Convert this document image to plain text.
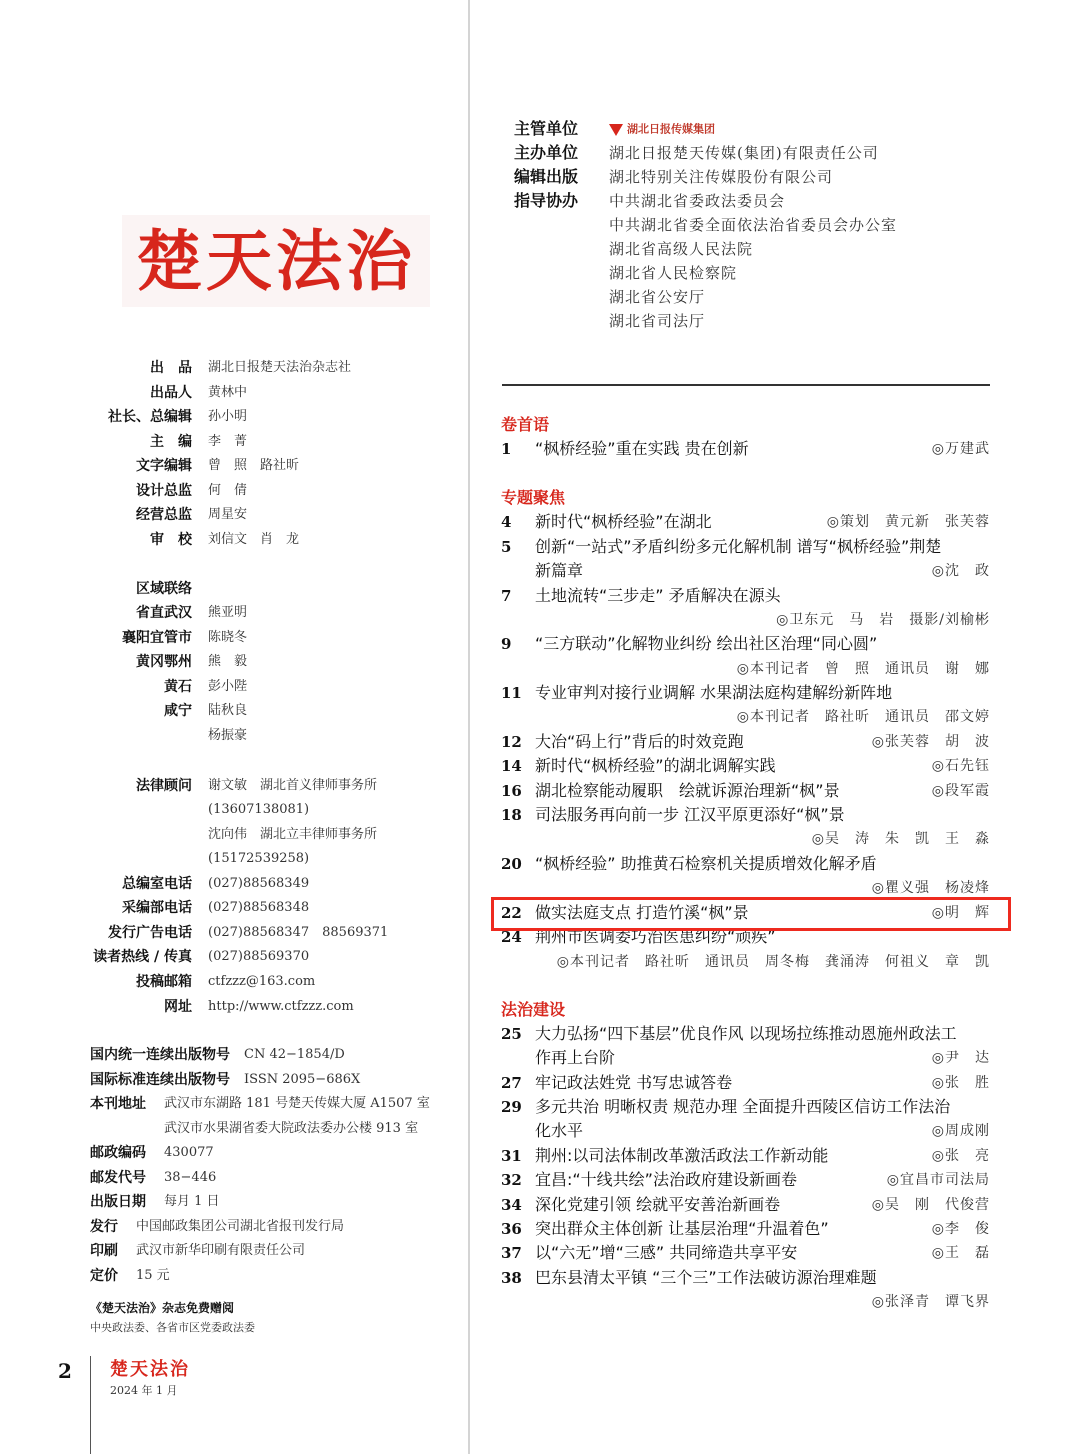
楚天法治
出　品 湖北日报楚天法治杂志社
出品人 黄林中
社长、总编辑 孙小明
主　编 李　菁
文字编辑 曾　照　路社昕
设计总监 何　倩
经营总监 周星安
审　校 刘信文　肖　龙
区域联络
省直武汉 熊亚明
襄阳宜管市 陈晓冬
黄冈鄂州 熊　毅
黄石 彭小陛
咸宁 陆秋良
杨振豪
法律顾问 谢文敏　湖北首义律师事务所
(13607138081)
沈向伟　湖北立丰律师事务所
(15172539258)
总编室电话 (027)88568349
采编部电话 (027)88568348
发行广告电话 (027)88568347　88569371
读者热线 / 传真 (027)88569370
投稿邮箱 ctfzzz@163.com
网址 http://www.ctfzzz.com
国内统一连续出版物号 CN 42−1854/D
国际标准连续出版物号 ISSN 2095−686X
本刊地址 武汉市东湖路 181 号楚天传媒大厦 A1507 室
武汉市水果湖省委大院政法委办公楼 913 室
邮政编码 430077
邮发代号 38−446
出版日期 每月 1 日
发行 中国邮政集团公司湖北省报刊发行局
印刷 武汉市新华印刷有限责任公司
定价 15 元
《楚天法治》杂志免费赠阅
中央政法委、各省市区党委政法委
2 楚天法治
2024 年 1 月
主管单位	湖北日报传媒集团
主办单位 湖北日报楚天传媒(集团)有限责任公司
编辑出版 湖北特别关注传媒股份有限公司
指导协办 中共湖北省委政法委员会
中共湖北省委全面依法治省委员会办公室
湖北省高级人民法院
湖北省人民检察院
湖北省公安厅
湖北省司法厅
卷首语
1 “枫桥经验”重在实践 贵在创新	◎万建武
专题聚焦
4 新时代“枫桥经验”在湖北	◎策划　黄元新　张芙蓉
5 创新“一站式”矛盾纠纷多元化解机制 谱写“枫桥经验”荆楚
新篇章	◎沈　政
7 土地流转“三步走” 矛盾解决在源头
◎卫东元　马　岩　摄影/刘榆彬
9 “三方联动”化解物业纠纷 绘出社区治理“同心圆”
◎本刊记者　曾　照　通讯员　谢　娜
11 专业审判对接行业调解 水果湖法庭构建解纷新阵地
◎本刊记者　路社昕　通讯员　邵文婷
12 大冶“码上行”背后的时效竞跑	◎张芙蓉　胡　波
14 新时代“枫桥经验”的湖北调解实践	◎石先钰
16 湖北检察能动履职　绘就诉源治理新“枫”景	◎段军霞
18 司法服务再向前一步 江汉平原更添好“枫”景
◎吴　涛　朱　凯　王　淼
20 “枫桥经验” 助推黄石检察机关提质增效化解矛盾
◎瞿义强　杨凌烽
22 做实法庭支点 打造竹溪“枫”景	◎明　辉
24 荆州市医调委巧治医患纠纷“顽疾”
◎本刊记者　路社昕　通讯员　周冬梅　龚涌涛　何祖义　章　凯
法治建设
25 大力弘扬“四下基层”优良作风 以现场拉练推动恩施州政法工
作再上台阶	◎尹　达
27 牢记政法姓党 书写忠诚答卷	◎张　胜
29 多元共治 明晰权责 规范办理 全面提升西陵区信访工作法治
化水平	◎周成刚
31 荆州:以司法体制改革激活政法工作新动能	◎张　亮
32 宜昌:“十线共绘”法治政府建设新画卷	◎宜昌市司法局
34 深化党建引领 绘就平安善治新画卷	◎吴　刚　代俊营
36 突出群众主体创新 让基层治理“升温着色”	◎李　俊
37 以“六无”增“三感” 共同缔造共享平安	◎王　磊
38 巴东县清太平镇 “三个三”工作法破访源治理难题
◎张泽青　谭飞界
